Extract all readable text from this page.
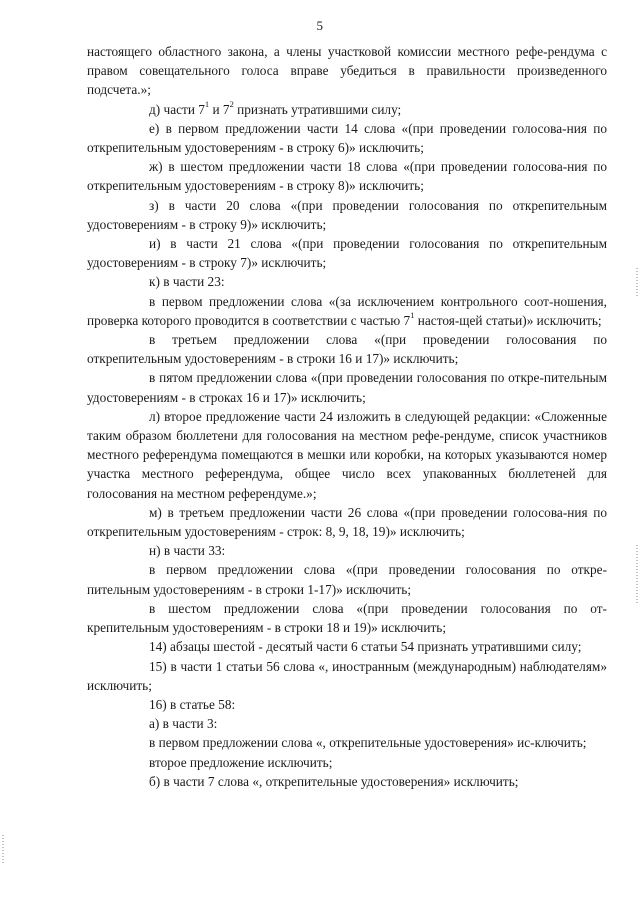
5

настоящего областного закона, а члены участковой комиссии местного рефе-рендума с правом совещательного голоса вправе убедиться в правильности произведенного подсчета.»;

д) части $7^1$ и $7^2$ признать утратившими силу;

е) в первом предложении части 14 слова «(при проведении голосова-ния по открепительным удостоверениям - в строку 6)» исключить;

ж) в шестом предложении части 18 слова «(при проведении голосова-ния по открепительным удостоверениям - в строку 8)» исключить;

з) в части 20 слова «(при проведении голосования по открепительным удостоверениям - в строку 9)» исключить;

и) в части 21 слова «(при проведении голосования по открепительным удостоверениям - в строку 7)» исключить;

к) в части 23:

в первом предложении слова «(за исключением контрольного соот-ношения, проверка которого проводится в соответствии с частью $7^1$ настоя-щей статьи)» исключить;

в третьем предложении слова «(при проведении голосования по открепительным удостоверениям - в строки 16 и 17)» исключить;

в пятом предложении слова «(при проведении голосования по откре-пительным удостоверениям - в строках 16 и 17)» исключить;

л) второе предложение части 24 изложить в следующей редакции: «Сложенные таким образом бюллетени для голосования на местном рефе-рендуме, список участников местного референдума помещаются в мешки или коробки, на которых указываются номер участка местного референдума, общее число всех упакованных бюллетеней для голосования на местном референдуме.»;

м) в третьем предложении части 26 слова «(при проведении голосова-ния по открепительным удостоверениям - строк: 8, 9, 18, 19)» исключить;

н) в части 33:

в первом предложении слова «(при проведении голосования по откре-пительным удостоверениям - в строки 1-17)» исключить;

в шестом предложении слова «(при проведении голосования по от-крепительным удостоверениям - в строки 18 и 19)» исключить;

14) абзацы шестой - десятый части 6 статьи 54 признать утратившими силу;

15) в части 1 статьи 56 слова «, иностранным (международным) наблюдателям» исключить;

16) в статье 58:

а) в части 3:

в первом предложении слова «, открепительные удостоверения» ис-ключить;

второе предложение исключить;

б) в части 7 слова «, открепительные удостоверения» исключить;
